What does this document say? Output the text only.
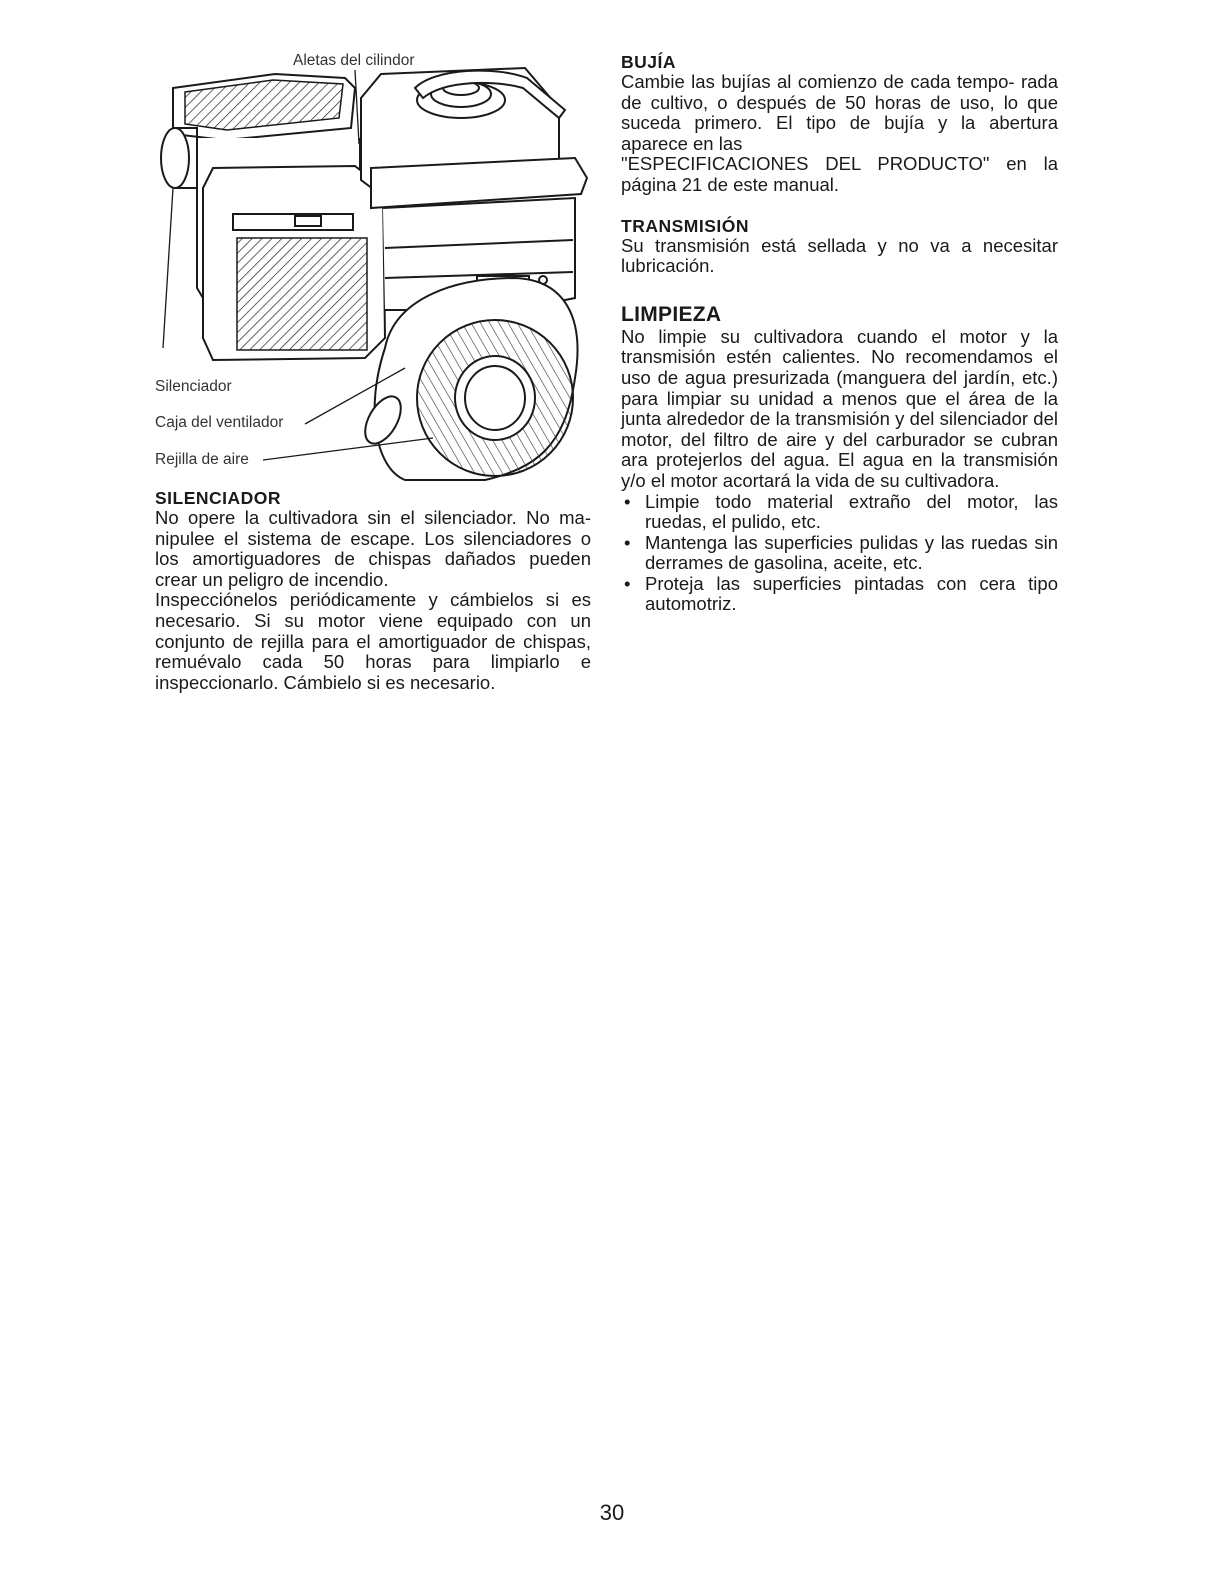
Aletas del cilindor
Silenciador
Caja del ventilador
Rejilla de aire
SILENCIADOR

No opere la cultivadora sin el silenciador. No ma- nipulee el sistema de escape. Los silenciadores o los amortiguadores de chispas dañados pueden crear un peligro de incendio.

Inspecciónelos periódicamente y cámbielos si es necesario. Si su motor viene equipado con un conjunto de rejilla para el amortiguador de chispas, remuévalo cada 50 horas para limpiarlo e inspeccionarlo. Cámbielo si es necesario.

BUJÍA

Cambie las bujías al comienzo de cada tempo- rada de cultivo, o después de 50 horas de uso, lo que suceda primero. El tipo de bujía y la abertura aparece en las

"ESPECIFICACIONES DEL PRODUCTO" en la página 21 de este manual.

TRANSMISIÓN

Su transmisión está sellada y no va a necesitar lubricación.

LIMPIEZA

No limpie su cultivadora cuando el motor y la transmisión estén calientes. No recomendamos el uso de agua presurizada (manguera del jardín, etc.) para limpiar su unidad a menos que el área de la junta alrededor de la transmisión y del silenciador del motor, del filtro de aire y del carburador se cubran ara protejerlos del agua. El agua en la transmisión y/o el motor acortará la vida de su cultivadora.

• Limpie todo material extraño del motor, las ruedas, el pulido, etc.
• Mantenga las superficies pulidas y las ruedas sin derrames de gasolina, aceite, etc.
• Proteja las superficies pintadas con cera tipo automotriz.
30
